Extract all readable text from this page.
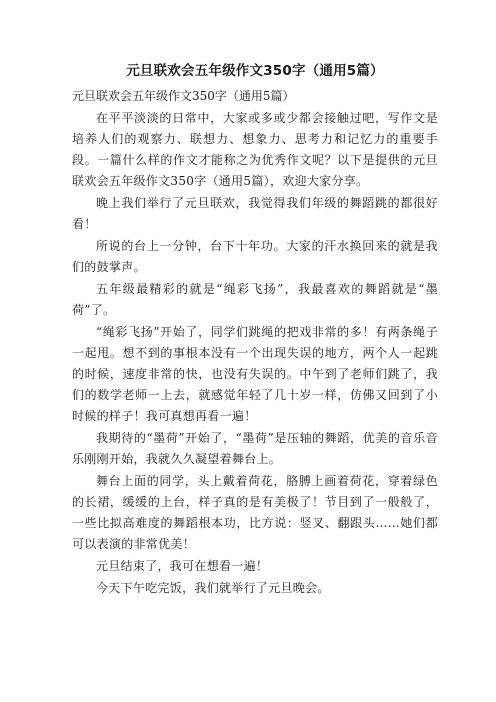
元旦联欢会五年级作文350字（通用5篇）
元旦联欢会五年级作文350字（通用5篇）

在平平淡淡的日常中，大家或多或少都会接触过吧，写作文是培养人们的观察力、联想力、想象力、思考力和记忆力的重要手段。一篇什么样的作文才能称之为优秀作文呢？以下是提供的元旦联欢会五年级作文350字（通用5篇），欢迎大家分享。

晚上我们举行了元旦联欢，我觉得我们年级的舞蹈跳的都很好看！

所说的台上一分钟，台下十年功。大家的汗水换回来的就是我们的鼓掌声。

五年级最精彩的就是“绳彩飞扬”，我最喜欢的舞蹈就是“墨荷”了。

“绳彩飞扬”开始了，同学们跳绳的把戏非常的多！有两条绳子一起甩。想不到的事根本没有一个出现失误的地方，两个人一起跳的时候，速度非常的快，也没有失误的。中午到了老师们跳了，我们的数学老师一上去，就感觉年轻了几十岁一样，仿佛又回到了小时候的样子！我可真想再看一遍！

我期待的“墨荷”开始了，“墨荷”是压轴的舞蹈，优美的音乐音乐刚刚开始，我就久久凝望着舞台上。

舞台上面的同学，头上戴着荷花，胳膊上画着荷花，穿着绿色的长裙，缓缓的上台，样子真的是有美极了！节目到了一般般了，一些比拟高难度的舞蹈根本功，比方说：竖叉、翻跟头……她们都可以表演的非常优美！

元旦结束了，我可在想看一遍！

今天下午吃完饭，我们就举行了元旦晚会。
